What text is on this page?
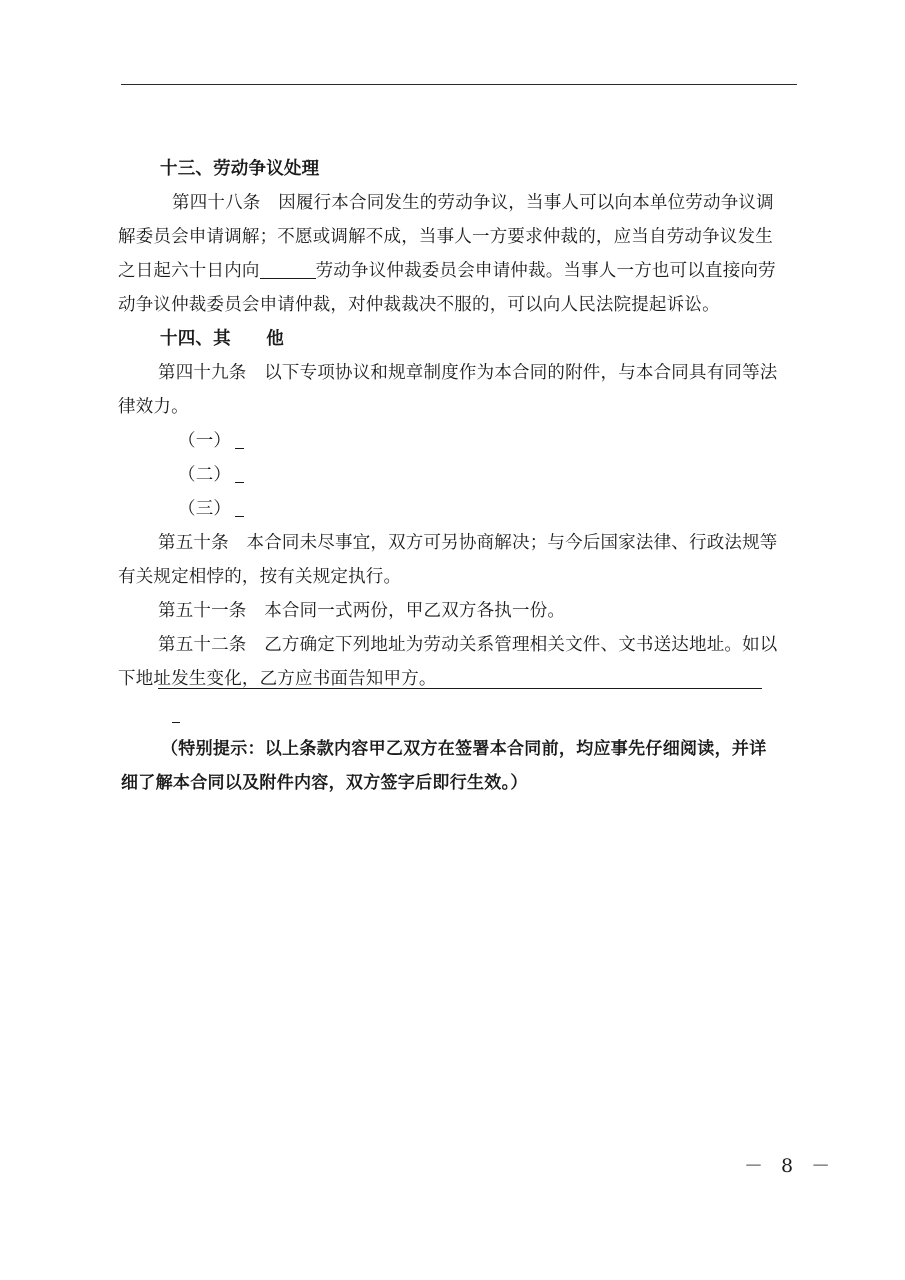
十三、劳动争议处理

第四十八条　因履行本合同发生的劳动争议，当事人可以向本单位劳动争议调
解委员会申请调解；不愿或调解不成，当事人一方要求仲裁的，应当自劳动争议发生
之日起六十日内向	劳动争议仲裁委员会申请仲裁。当事人一方也可以直接向劳
动争议仲裁委员会申请仲裁，对仲裁裁决不服的，可以向人民法院提起诉讼。

十四、其　　他

第四十九条　以下专项协议和规章制度作为本合同的附件，与本合同具有同等法
律效力。

（一）

（二）

（三）

第五十条　本合同未尽事宜，双方可另协商解决；与今后国家法律、行政法规等
有关规定相悖的，按有关规定执行。

第五十一条　本合同一式两份，甲乙双方各执一份。

第五十二条　乙方确定下列地址为劳动关系管理相关文件、文书送达地址。如以
下地址发生变化，乙方应书面告知甲方。

（特别提示：以上条款内容甲乙双方在签署本合同前，均应事先仔细阅读，并详
细了解本合同以及附件内容，双方签字后即行生效。）
－ 8 －
